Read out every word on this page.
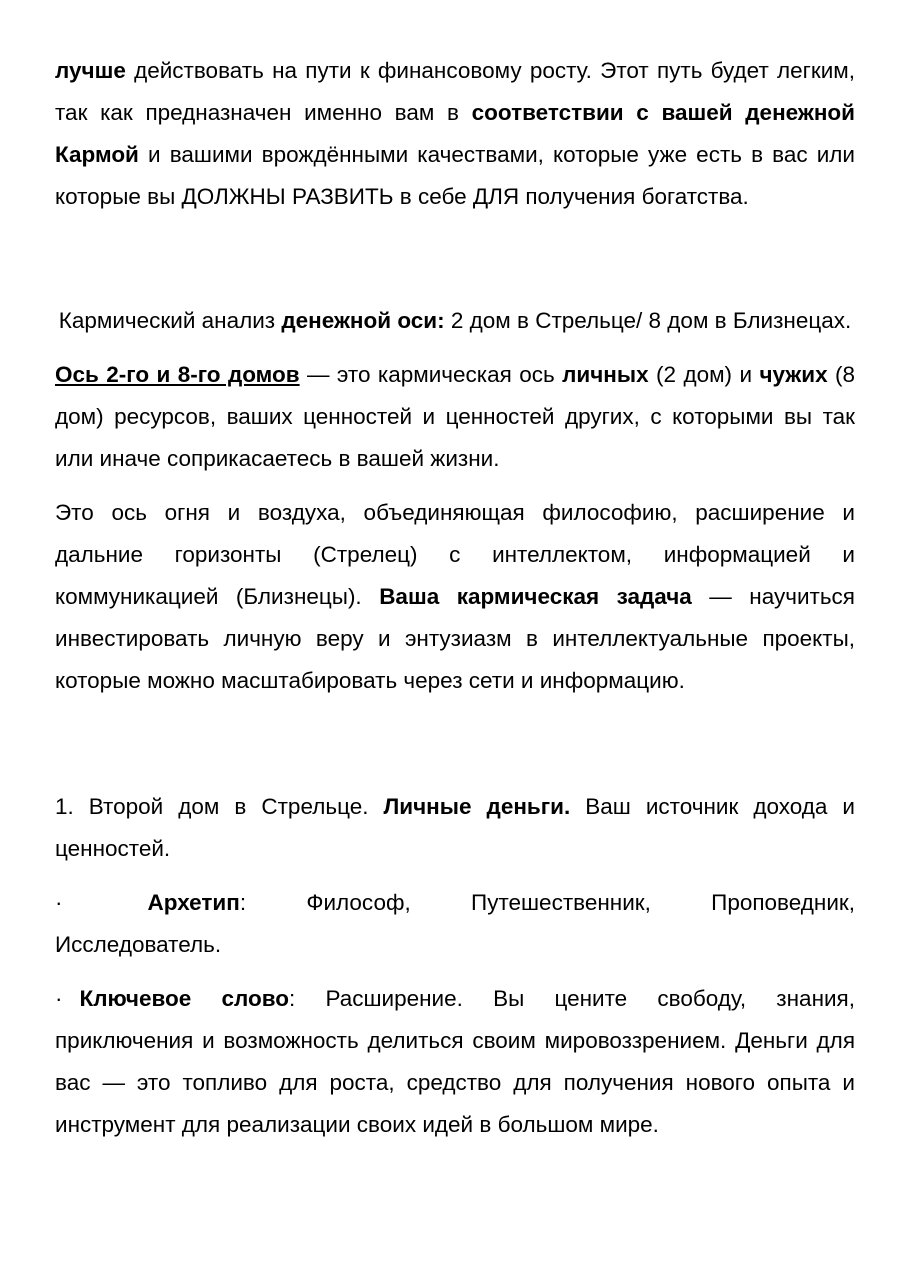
лучше действовать на пути к финансовому росту. Этот путь будет легким, так как предназначен именно вам в соответствии с вашей денежной Кармой и вашими врождёнными качествами, которые уже есть в вас или которые вы ДОЛЖНЫ РАЗВИТЬ в себе ДЛЯ получения богатства.

Кармический анализ денежной оси: 2 дом в Стрельце/ 8 дом в Близнецах.

Ось 2-го и 8-го домов — это кармическая ось личных (2 дом) и чужих (8 дом) ресурсов, ваших ценностей и ценностей других, с которыми вы так или иначе соприкасаетесь в вашей жизни.

Это ось огня и воздуха, объединяющая философию, расширение и дальние горизонты (Стрелец) с интеллектом, информацией и коммуникацией (Близнецы). Ваша кармическая задача — научиться инвестировать личную веру и энтузиазм в интеллектуальные проекты, которые можно масштабировать через сети и информацию.

1. Второй дом в Стрельце. Личные деньги. Ваш источник дохода и ценностей.

·	Архетип: Философ, Путешественник, Проповедник, Исследователь.

· Ключевое слово: Расширение. Вы цените свободу, знания, приключения и возможность делиться своим мировоззрением. Деньги для вас — это топливо для роста, средство для получения нового опыта и инструмент для реализации своих идей в большом мире.
